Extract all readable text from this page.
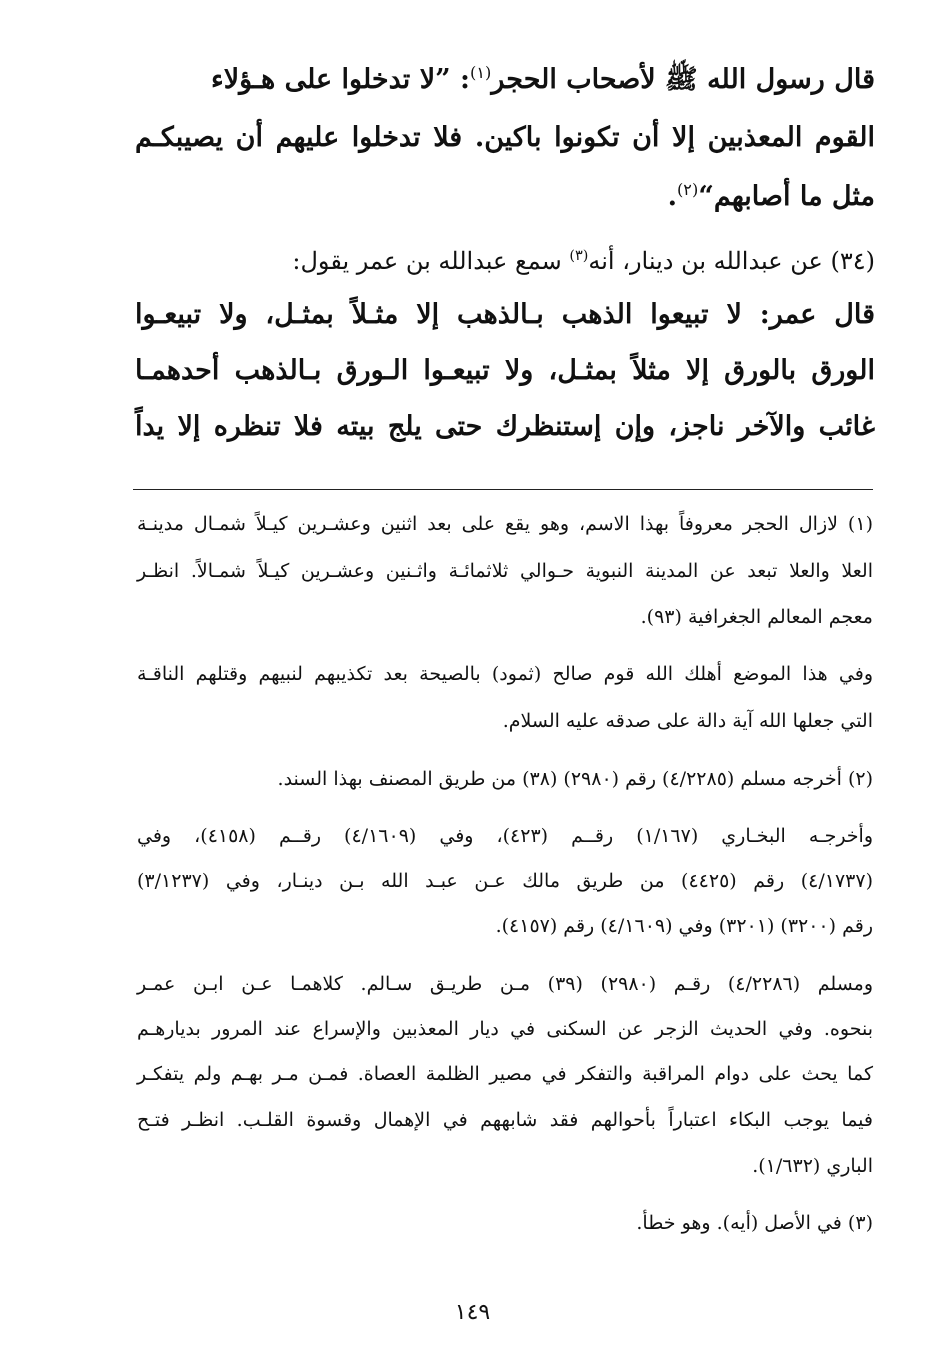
قال رسول الله ﷺ لأصحاب الحجر$^{(١)}$: ”لا تدخلوا على هـؤلاء
القوم المعذبين إلا أن تكونوا باكين. فلا تدخلوا عليهم أن يصيبكـم
مثل ما أصابهم“$^{(٢)}$.
(٣٤) عن عبدالله بن دينار، أنه$^{(٣)}$ سمع عبدالله بن عمر يقول:
قال عمر: لا تبيعوا الذهب بـالذهب إلا مثـلاً بمثـل، ولا تبيعـوا
الورق بالورق إلا مثلاً بمثـل، ولا تبيعـوا الـورق بـالذهب أحدهمـا
غائب والآخر ناجز، وإن إستنظرك حتى يلج بيته فلا تنظره إلا يداً
(١) لازال الحجر معروفاً بهذا الاسم، وهو يقع على بعد اثنين وعشـرين كيـلاً شمـال مدينـة
العلا والعلا تبعد عن المدينة النبوية حـوالي ثلاثمائـة واثـنين وعشـرين كيـلاً شمـالاً. انظـر
معجم المعالم الجغرافية (٩٣).
وفي هذا الموضع أهلك الله قوم صالح (ثمود) بالصيحة بعد تكذيبهم لنبيهم وقتلهم الناقـة
التي جعلها الله آية دالة على صدقه عليه السلام.
(٢) أخرجه مسلم (٤/٢٢٨٥) رقم (٢٩٨٠) (٣٨) من طريق المصنف بهذا السند.
وأخرجـه البخـاري (١/١٦٧) رقــم (٤٢٣)، وفي (٤/١٦٠٩) رقــم (٤١٥٨)، وفي
(٤/١٧٣٧) رقم (٤٤٢٥) من طريق مالك عـن عبـد الله بـن دينـار، وفي (٣/١٢٣٧)
رقم (٣٢٠٠) (٣٢٠١) وفي (٤/١٦٠٩) رقم (٤١٥٧).
ومسلم (٤/٢٢٨٦) رقـم (٢٩٨٠) (٣٩) مـن طريـق سـالم. كلاهمـا عـن ابـن عمـر
بنحوه. وفي الحديث الزجر عن السكنى في ديار المعذبين والإسراع عند المرور بديارهـم
كما يحث على دوام المراقبة والتفكر في مصير الظلمة العصاة. فمـن مـر بهـم ولم يتفكـر
فيما يوجب البكاء اعتباراً بأحوالهم فقد شابههم في الإهمال وقسوة القلـب. انظـر فتـح
الباري (١/٦٣٢).
(٣) في الأصل (أيه). وهو خطأ.
١٤٩
